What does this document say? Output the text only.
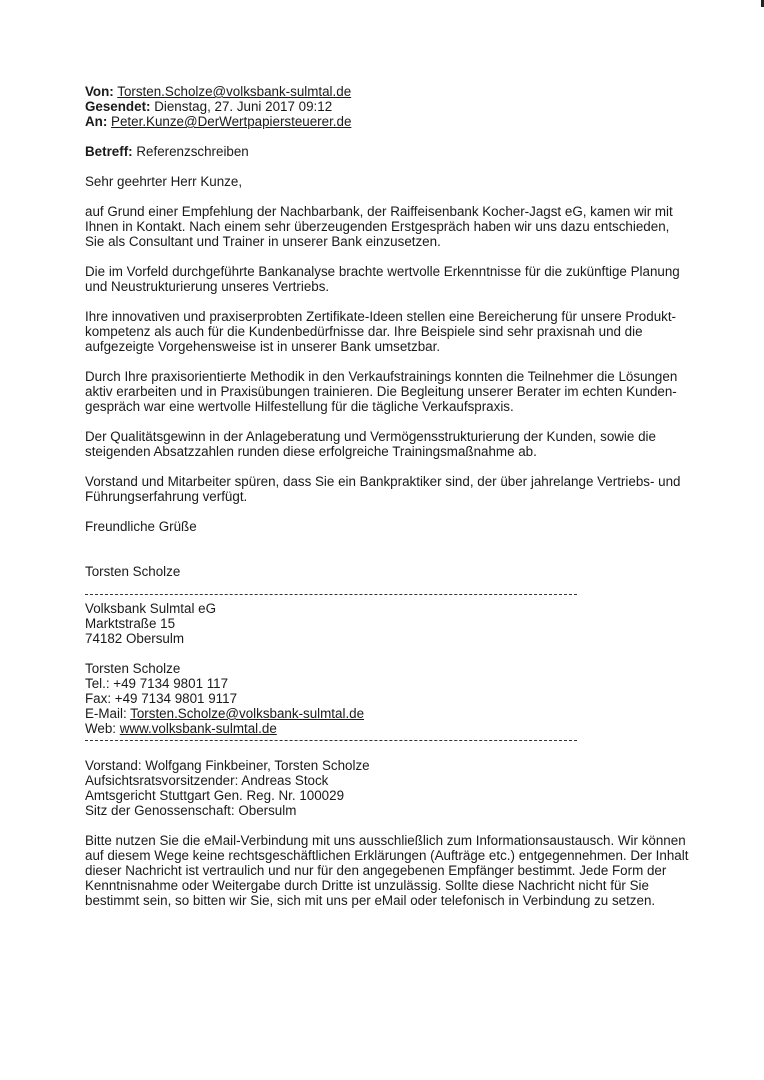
Von: Torsten.Scholze@volksbank-sulmtal.de
Gesendet: Dienstag, 27. Juni 2017 09:12
An: Peter.Kunze@DerWertpapiersteuerer.de
Betreff: Referenzschreiben
Sehr geehrter Herr Kunze,
auf Grund einer Empfehlung der Nachbarbank, der Raiffeisenbank Kocher-Jagst eG, kamen wir mit
Ihnen in Kontakt. Nach einem sehr überzeugenden Erstgespräch haben wir uns dazu entschieden,
Sie als Consultant und Trainer in unserer Bank einzusetzen.
Die im Vorfeld durchgeführte Bankanalyse brachte wertvolle Erkenntnisse für die zukünftige Planung
und Neustrukturierung unseres Vertriebs.
Ihre innovativen und praxiserprobten Zertifikate-Ideen stellen eine Bereicherung für unsere Produkt-
kompetenz als auch für die Kundenbedürfnisse dar. Ihre Beispiele sind sehr praxisnah und die
aufgezeigte Vorgehensweise ist in unserer Bank umsetzbar.
Durch Ihre praxisorientierte Methodik in den Verkaufstrainings konnten die Teilnehmer die Lösungen
aktiv erarbeiten und in Praxisübungen trainieren. Die Begleitung unserer Berater im echten Kunden-
gespräch war eine wertvolle Hilfestellung für die tägliche Verkaufspraxis.
Der Qualitätsgewinn in der Anlageberatung und Vermögensstrukturierung der Kunden, sowie die
steigenden Absatzzahlen runden diese erfolgreiche Trainingsmaßnahme ab.
Vorstand und Mitarbeiter spüren, dass Sie ein Bankpraktiker sind, der über jahrelange Vertriebs- und
Führungserfahrung verfügt.
Freundliche Grüße
Torsten Scholze
Volksbank Sulmtal eG
Marktstraße 15
74182 Obersulm
Torsten Scholze
Tel.: +49 7134 9801 117
Fax: +49 7134 9801 9117
E-Mail: Torsten.Scholze@volksbank-sulmtal.de
Web: www.volksbank-sulmtal.de
Vorstand: Wolfgang Finkbeiner, Torsten Scholze
Aufsichtsratsvorsitzender: Andreas Stock
Amtsgericht Stuttgart Gen. Reg. Nr. 100029
Sitz der Genossenschaft: Obersulm
Bitte nutzen Sie die eMail-Verbindung mit uns ausschließlich zum Informationsaustausch. Wir können
auf diesem Wege keine rechtsgeschäftlichen Erklärungen (Aufträge etc.) entgegennehmen. Der Inhalt
dieser Nachricht ist vertraulich und nur für den angegebenen Empfänger bestimmt. Jede Form der
Kenntnisnahme oder Weitergabe durch Dritte ist unzulässig. Sollte diese Nachricht nicht für Sie
bestimmt sein, so bitten wir Sie, sich mit uns per eMail oder telefonisch in Verbindung zu setzen.
